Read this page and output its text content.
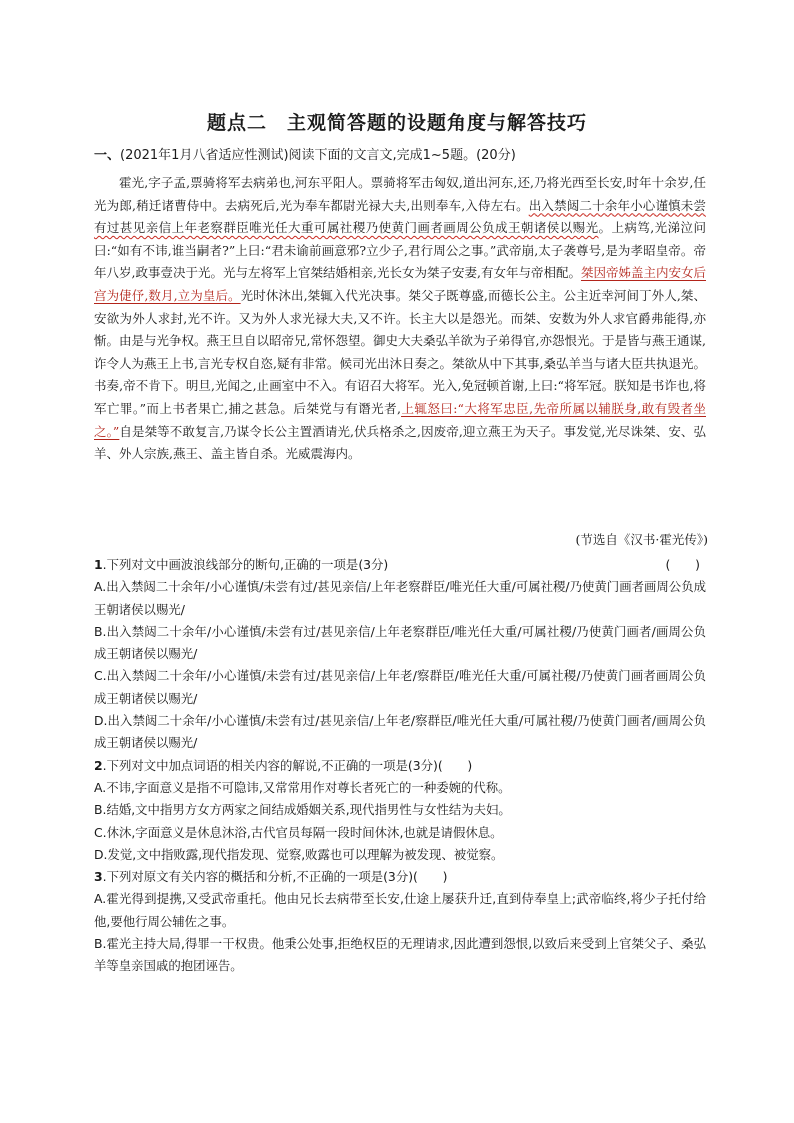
题点二　主观简答题的设题角度与解答技巧
一、(2021年1月八省适应性测试)阅读下面的文言文,完成1~5题。(20分)
霍光,字子孟,票骑将军去病弟也,河东平阳人。票骑将军击匈奴,道出河东,还,乃将光西至长安,时年十余岁,任光为郎,稍迁诸曹侍中。去病死后,光为奉车都尉光禄大夫,出则奉车,入侍左右。出入禁闼二十余年小心谨慎未尝有过甚见亲信上年老察群臣唯光任大重可属社稷乃使黄门画者画周公负成王朝诸侯以赐光。上病笃,光涕泣问曰:“如有不讳,谁当嗣者?”上曰:“君未谕前画意邪?立少子,君行周公之事。”武帝崩,太子袭尊号,是为孝昭皇帝。帝年八岁,政事壹决于光。光与左将军上官桀结婚相亲,光长女为桀子安妻,有女年与帝相配。桀因帝姊盖主内安女后宫为倢伃,数月,立为皇后。光时休沐出,桀辄入代光决事。桀父子既尊盛,而德长公主。公主近幸河间丁外人,桀、安欲为外人求封,光不许。又为外人求光禄大夫,又不许。长主大以是怨光。而桀、安数为外人求官爵弗能得,亦惭。由是与光争权。燕王旦自以昭帝兄,常怀怨望。御史大夫桑弘羊欲为子弟得官,亦怨恨光。于是皆与燕王通谋,诈令人为燕王上书,言光专权自恣,疑有非常。候司光出沐日奏之。桀欲从中下其事,桑弘羊当与诸大臣共执退光。书奏,帝不肯下。明旦,光闻之,止画室中不入。有诏召大将军。光入,免冠顿首谢,上曰:“将军冠。朕知是书诈也,将军亡罪。”而上书者果亡,捕之甚急。后桀党与有谮光者,上辄怒曰:“大将军忠臣,先帝所属以辅朕身,敢有毁者坐之。”自是桀等不敢复言,乃谋令长公主置酒请光,伏兵格杀之,因废帝,迎立燕王为天子。事发觉,光尽诛桀、安、弘羊、外人宗族,燕王、盖主皆自杀。光威震海内。
(节选自《汉书·霍光传》)
1.下列对文中画波浪线部分的断句,正确的一项是(3分)	(　　)
A.出入禁闼二十余年/小心谨慎/未尝有过/甚见亲信/上年老察群臣/唯光任大重/可属社稷/乃使黄门画者画周公负成王朝诸侯以赐光/
B.出入禁闼二十余年/小心谨慎/未尝有过/甚见亲信/上年老察群臣/唯光任大重/可属社稷/乃使黄门画者/画周公负成王朝诸侯以赐光/
C.出入禁闼二十余年/小心谨慎/未尝有过/甚见亲信/上年老/察群臣/唯光任大重/可属社稷/乃使黄门画者画周公负成王朝诸侯以赐光/
D.出入禁闼二十余年/小心谨慎/未尝有过/甚见亲信/上年老/察群臣/唯光任大重/可属社稷/乃使黄门画者/画周公负成王朝诸侯以赐光/
2.下列对文中加点词语的相关内容的解说,不正确的一项是(3分)(　　)
A.不讳,字面意义是指不可隐讳,又常常用作对尊长者死亡的一种委婉的代称。
B.结婚,文中指男方女方两家之间结成婚姻关系,现代指男性与女性结为夫妇。
C.休沐,字面意义是休息沐浴,古代官员每隔一段时间休沐,也就是请假休息。
D.发觉,文中指败露,现代指发现、觉察,败露也可以理解为被发现、被觉察。
3.下列对原文有关内容的概括和分析,不正确的一项是(3分)(　　)
A.霍光得到提携,又受武帝重托。他由兄长去病带至长安,仕途上屡获升迁,直到侍奉皇上;武帝临终,将少子托付给他,要他行周公辅佐之事。
B.霍光主持大局,得罪一干权贵。他秉公处事,拒绝权臣的无理请求,因此遭到怨恨,以致后来受到上官桀父子、桑弘羊等皇亲国戚的抱团诬告。
